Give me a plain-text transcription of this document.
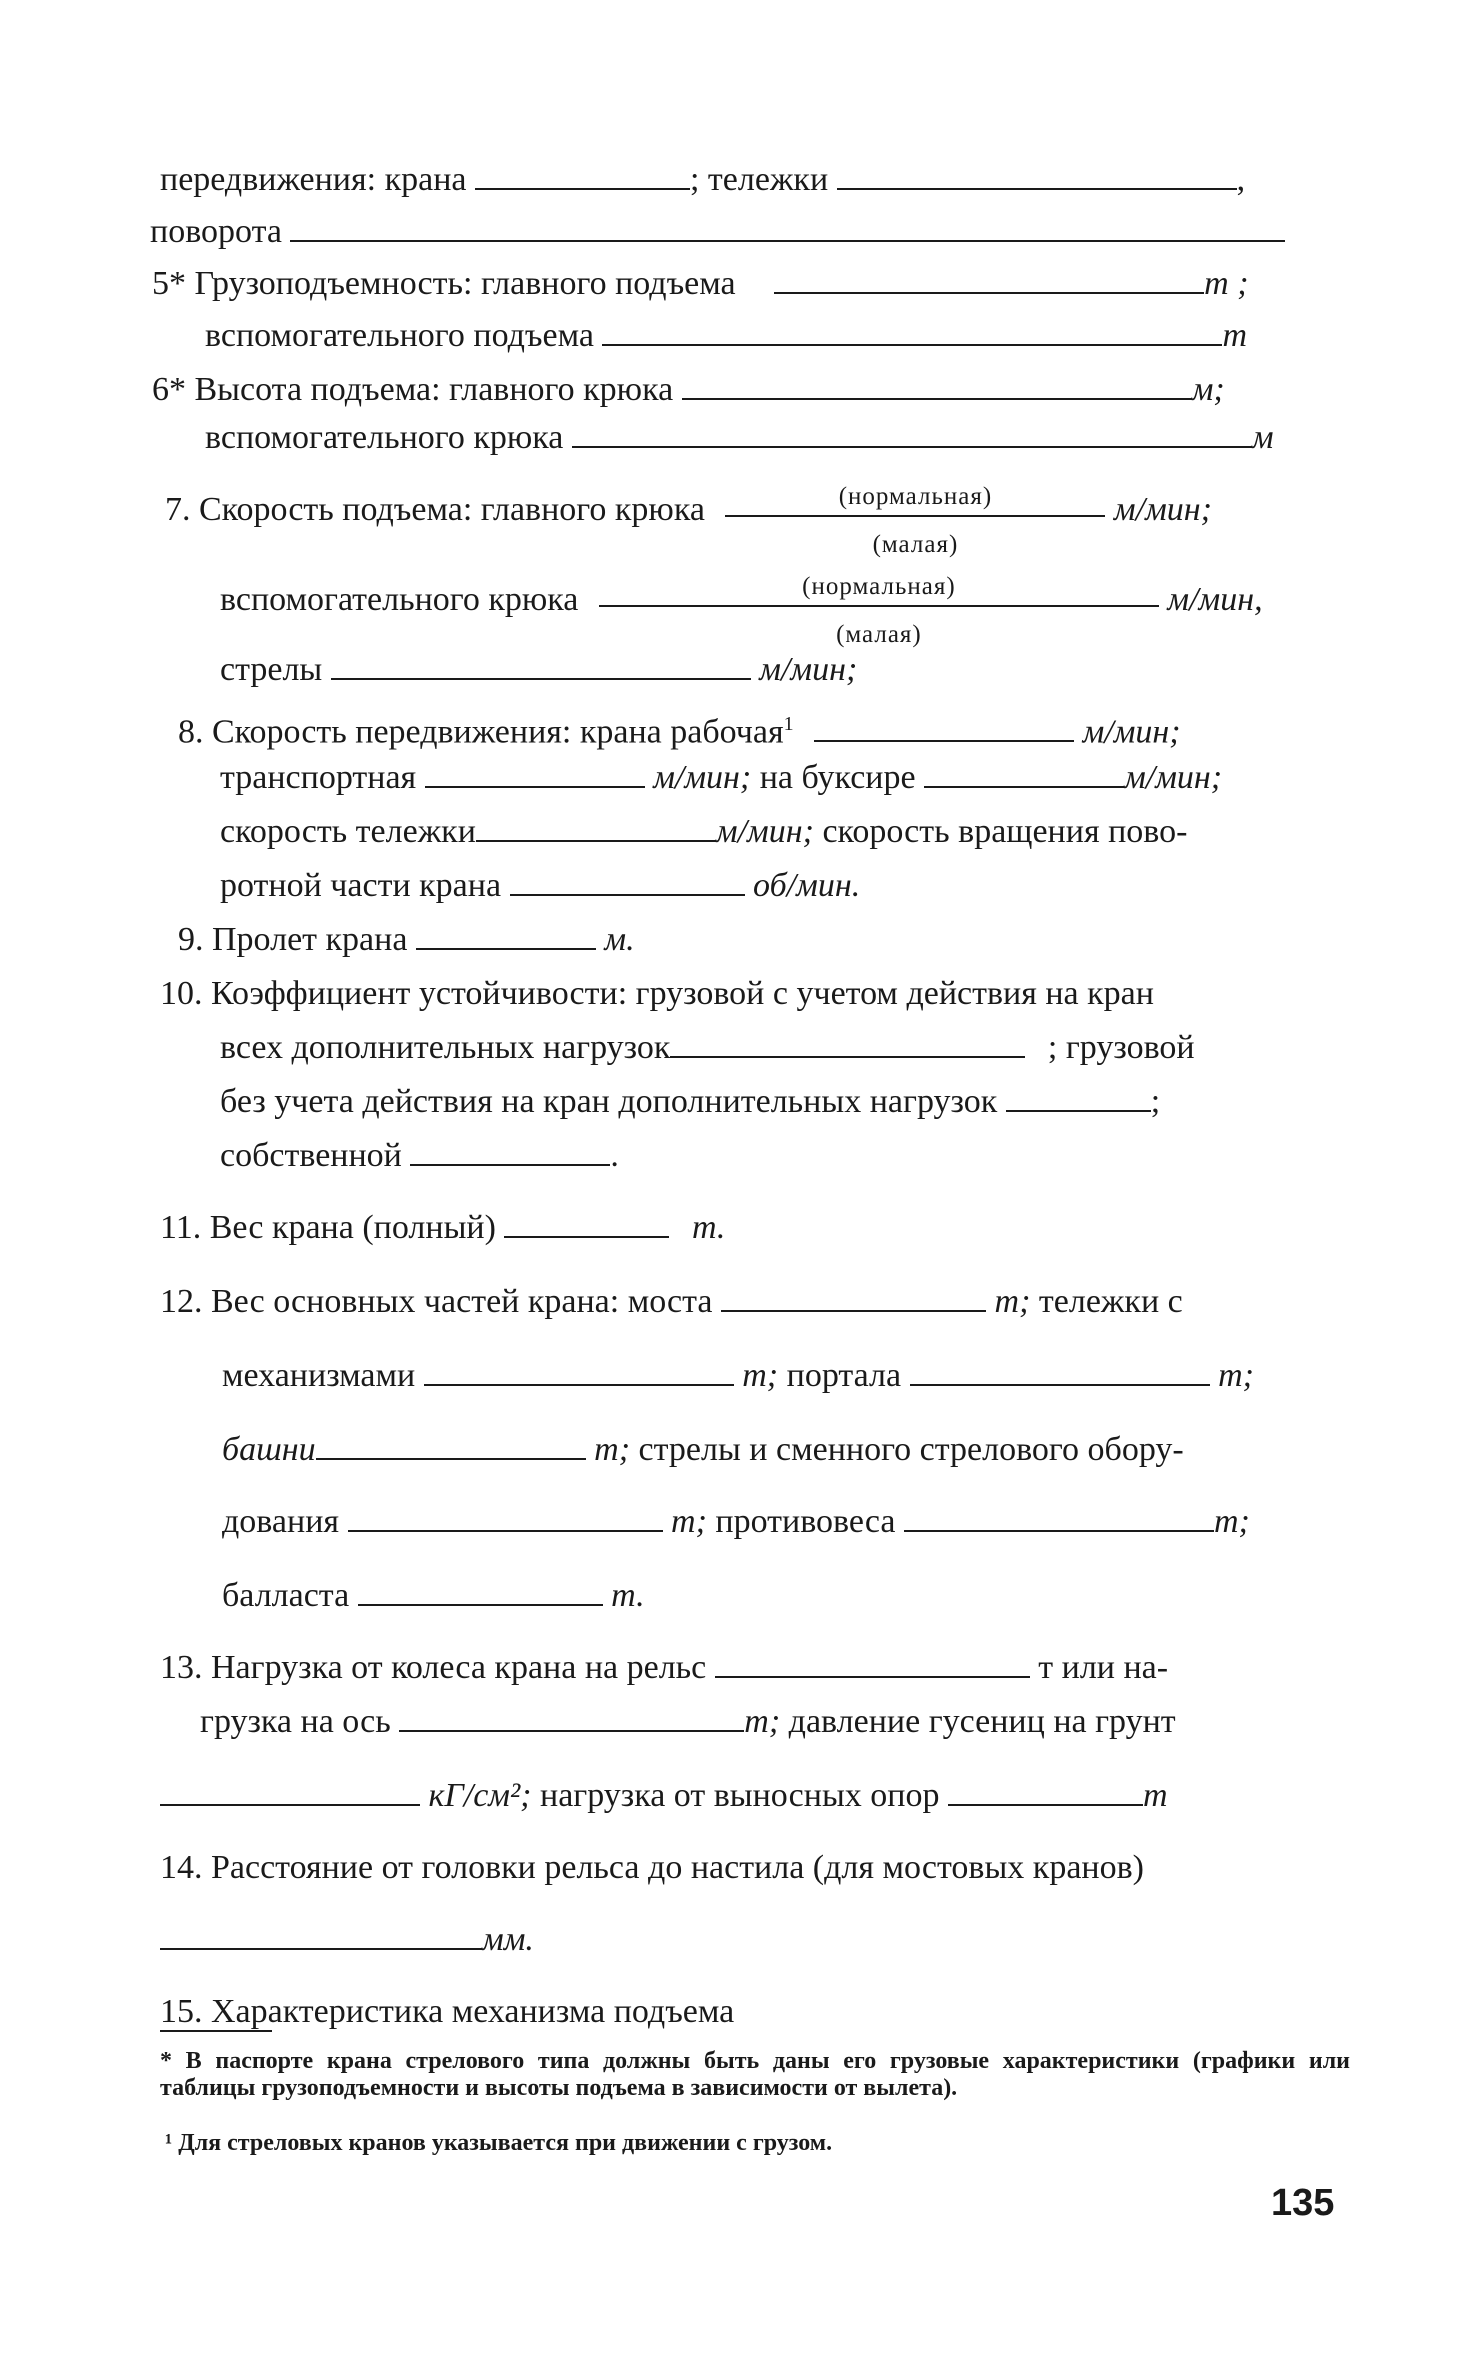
передвижения: крана	; тележки	,
поворота
5* Грузоподъемность: главного подъема	т ;
вспомогательного подъема	т
6* Высота подъема: главного крюка	м;
вспомогательного крюка	м
7. Скорость подъема: главного крюка $\frac{\text{(нормальная)}}{\text{(малая)}} м/мин$;
вспомогательного крюка $\frac{\text{(нормальная)}}{\text{(малая)}} м/мин$,
стрелы	м/мин;
8. Скорость передвижения: крана рабочая$^1$	м/мин;
транспортная	м/мин; на буксире	м/мин;
скорость тележки	м/мин; скорость вращения пово-
ротной части крана	об/мин.
9. Пролет крана	м.
10. Коэффициент устойчивости: грузовой с учетом действия на кран
всех дополнительных нагрузок	; грузовой
без учета действия на кран дополнительных нагрузок	;
собственной	.
11. Вес крана (полный)	т.
12. Вес основных частей крана: моста	т; тележки с
механизмами	т; портала	т;
башни	т; стрелы и сменного стрелового обору-
дования	т; противовеса	т;
балласта	т.
13. Нагрузка от колеса крана на рельс	т или на-
грузка на ось	т; давление гусениц на грунт
кГ/см²; нагрузка от выносных опор	т
14. Расстояние от головки рельса до настила (для мостовых кранов)
мм.
15. Характеристика механизма подъема
* В паспорте крана стрелового типа должны быть даны его грузовые характеристики (графики или таблицы грузоподъемности и высоты подъема в зависимости от вылета).
¹ Для стреловых кранов указывается при движении с грузом.
135
